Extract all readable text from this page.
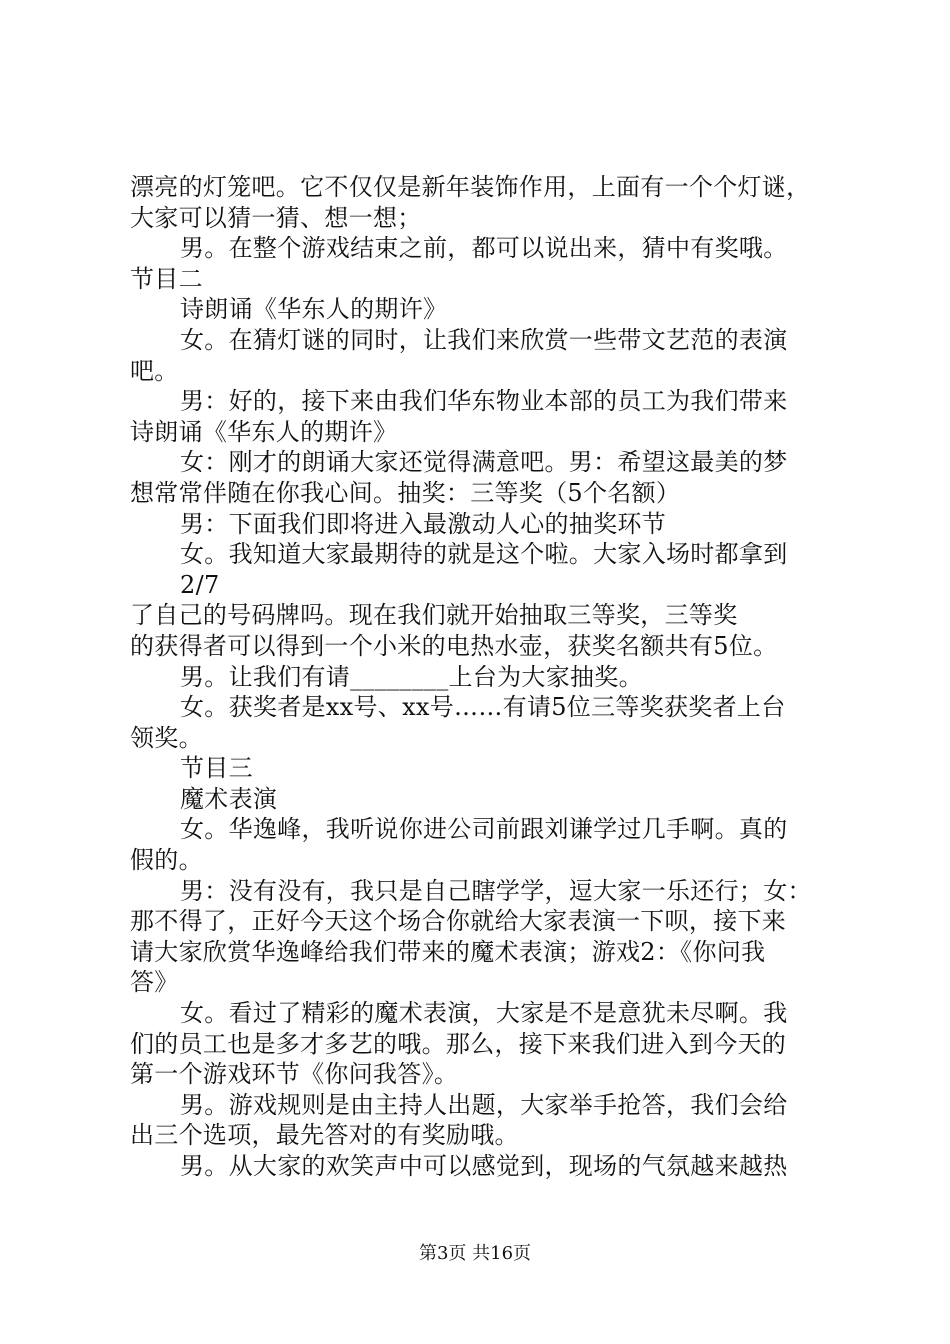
漂亮的灯笼吧。它不仅仅是新年装饰作用，上面有一个个灯谜，
大家可以猜一猜、想一想；
男。在整个游戏结束之前，都可以说出来，猜中有奖哦。
节目二
诗朗诵《华东人的期许》
女。在猜灯谜的同时，让我们来欣赏一些带文艺范的表演
吧。
男：好的，接下来由我们华东物业本部的员工为我们带来
诗朗诵《华东人的期许》
女：刚才的朗诵大家还觉得满意吧。男：希望这最美的梦
想常常伴随在你我心间。抽奖：三等奖（5个名额）
男：下面我们即将进入最激动人心的抽奖环节
女。我知道大家最期待的就是这个啦。大家入场时都拿到
2/7
了自己的号码牌吗。现在我们就开始抽取三等奖，三等奖
的获得者可以得到一个小米的电热水壶，获奖名额共有5位。
男。让我们有请________上台为大家抽奖。
女。获奖者是xx号、xx号……有请5位三等奖获奖者上台
领奖。
节目三
魔术表演
女。华逸峰，我听说你进公司前跟刘谦学过几手啊。真的
假的。
男：没有没有，我只是自己瞎学学，逗大家一乐还行；女：
那不得了，正好今天这个场合你就给大家表演一下呗，接下来
请大家欣赏华逸峰给我们带来的魔术表演；游戏2：《你问我
答》
女。看过了精彩的魔术表演，大家是不是意犹未尽啊。我
们的员工也是多才多艺的哦。那么，接下来我们进入到今天的
第一个游戏环节《你问我答》。
男。游戏规则是由主持人出题，大家举手抢答，我们会给
出三个选项，最先答对的有奖励哦。
男。从大家的欢笑声中可以感觉到，现场的气氛越来越热
第3页 共16页
